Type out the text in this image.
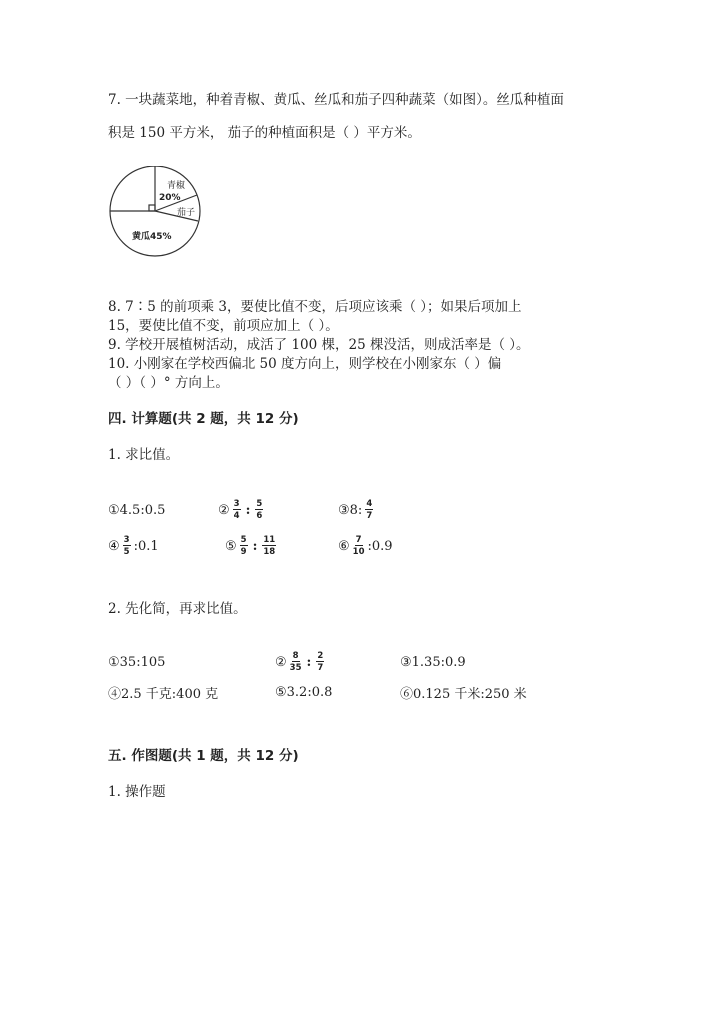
7. 一块蔬菜地，种着青椒、黄瓜、丝瓜和茄子四种蔬菜（如图）。丝瓜种植面
积是 150 平方米， 茄子的种植面积是（ ）平方米。
青椒
20%
茄子
黄瓜45%
8. 7∶5 的前项乘 3，要使比值不变，后项应该乘（ ）；如果后项加上
15，要使比值不变，前项应加上（ ）。
9. 学校开展植树活动，成活了 100 棵，25 棵没活，则成活率是（ ）。
10. 小刚家在学校西偏北 50 度方向上，则学校在小刚家东（ ）偏
（ ）（ ）° 方向上。
四. 计算题(共 2 题，共 12 分)
1. 求比值。
①4.5:0.5	② $\frac{3}{4}$ : $\frac{5}{6}$	③8: $\frac{4}{7}$
④ $\frac{3}{5}$ :0.1	⑤ $\frac{5}{9}$ : $\frac{11}{18}$	⑥ $\frac{7}{10}$ :0.9
2. 先化简，再求比值。
①35:105	② $\frac{8}{35}$ : $\frac{2}{7}$	③1.35:0.9
④2.5 千克:400 克	⑤3.2:0.8	⑥0.125 千米:250 米
五. 作图题(共 1 题，共 12 分)
1. 操作题
